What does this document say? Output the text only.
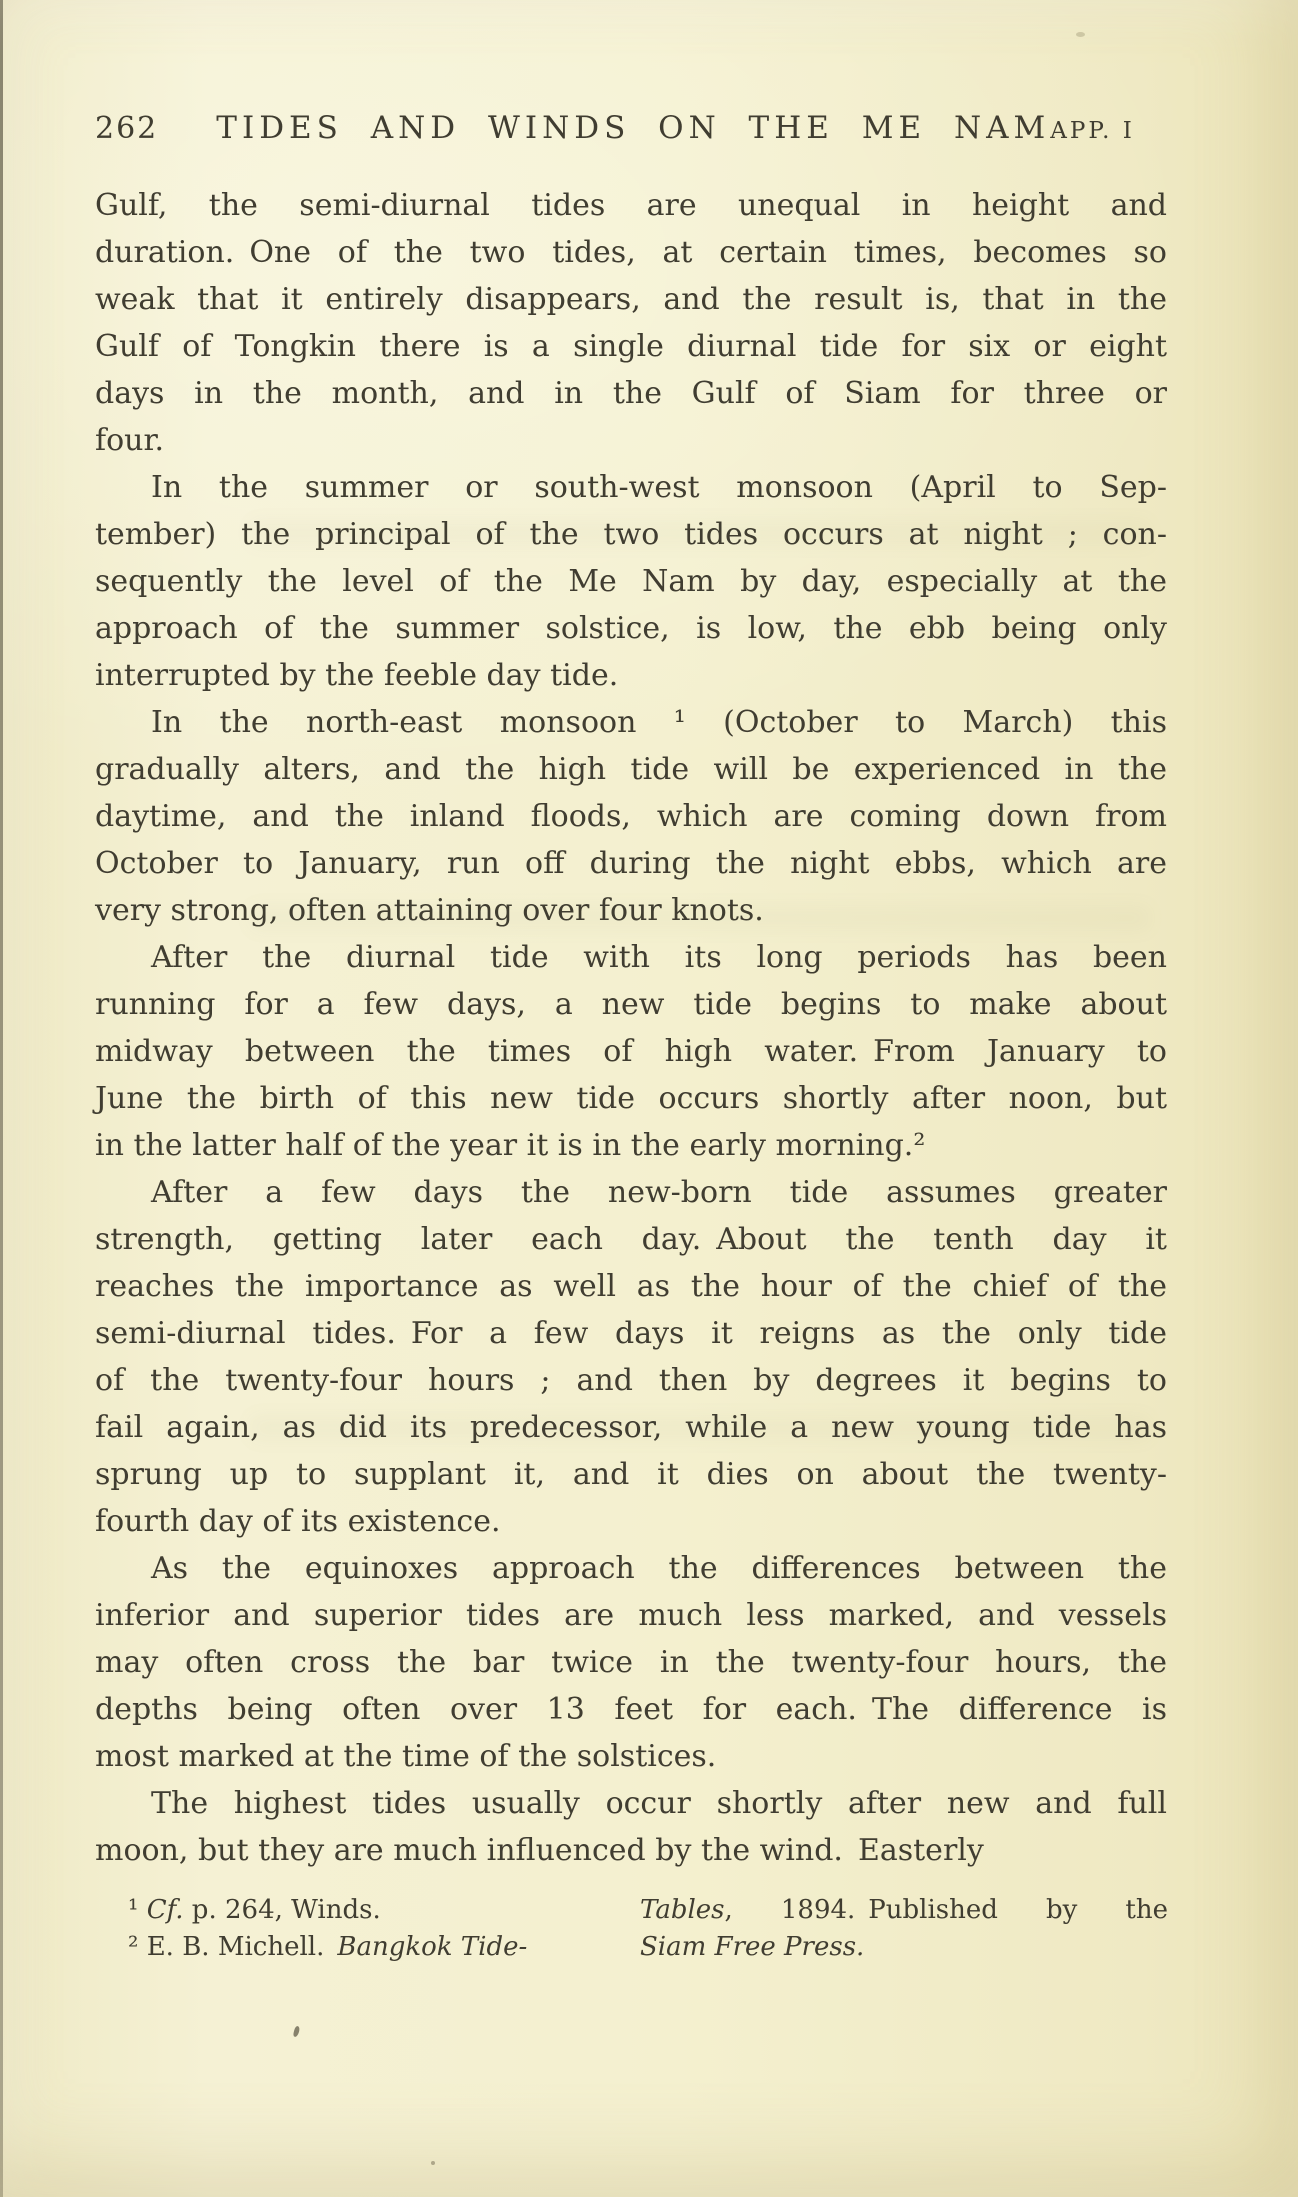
262 TIDES AND WINDS ON THE ME NAM APP. I
Gulf, the semi-diurnal tides are unequal in height and
duration. One of the two tides, at certain times, becomes so
weak that it entirely disappears, and the result is, that in the
Gulf of Tongkin there is a single diurnal tide for six or eight
days in the month, and in the Gulf of Siam for three or
four.
In the summer or south-west monsoon (April to Sep-
tember) the principal of the two tides occurs at night ; con-
sequently the level of the Me Nam by day, especially at the
approach of the summer solstice, is low, the ebb being only
interrupted by the feeble day tide.
In the north-east monsoon ¹ (October to March) this
gradually alters, and the high tide will be experienced in the
daytime, and the inland floods, which are coming down from
October to January, run off during the night ebbs, which are
very strong, often attaining over four knots.
After the diurnal tide with its long periods has been
running for a few days, a new tide begins to make about
midway between the times of high water. From January to
June the birth of this new tide occurs shortly after noon, but
in the latter half of the year it is in the early morning.²
After a few days the new-born tide assumes greater
strength, getting later each day. About the tenth day it
reaches the importance as well as the hour of the chief of the
semi-diurnal tides. For a few days it reigns as the only tide
of the twenty-four hours ; and then by degrees it begins to
fail again, as did its predecessor, while a new young tide has
sprung up to supplant it, and it dies on about the twenty-
fourth day of its existence.
As the equinoxes approach the differences between the
inferior and superior tides are much less marked, and vessels
may often cross the bar twice in the twenty-four hours, the
depths being often over 13 feet for each. The difference is
most marked at the time of the solstices.
The highest tides usually occur shortly after new and full
moon, but they are much influenced by the wind. Easterly
¹ Cf. p. 264, Winds.
² E. B. Michell. Bangkok Tide-
Tables, 1894. Published by the
Siam Free Press.
